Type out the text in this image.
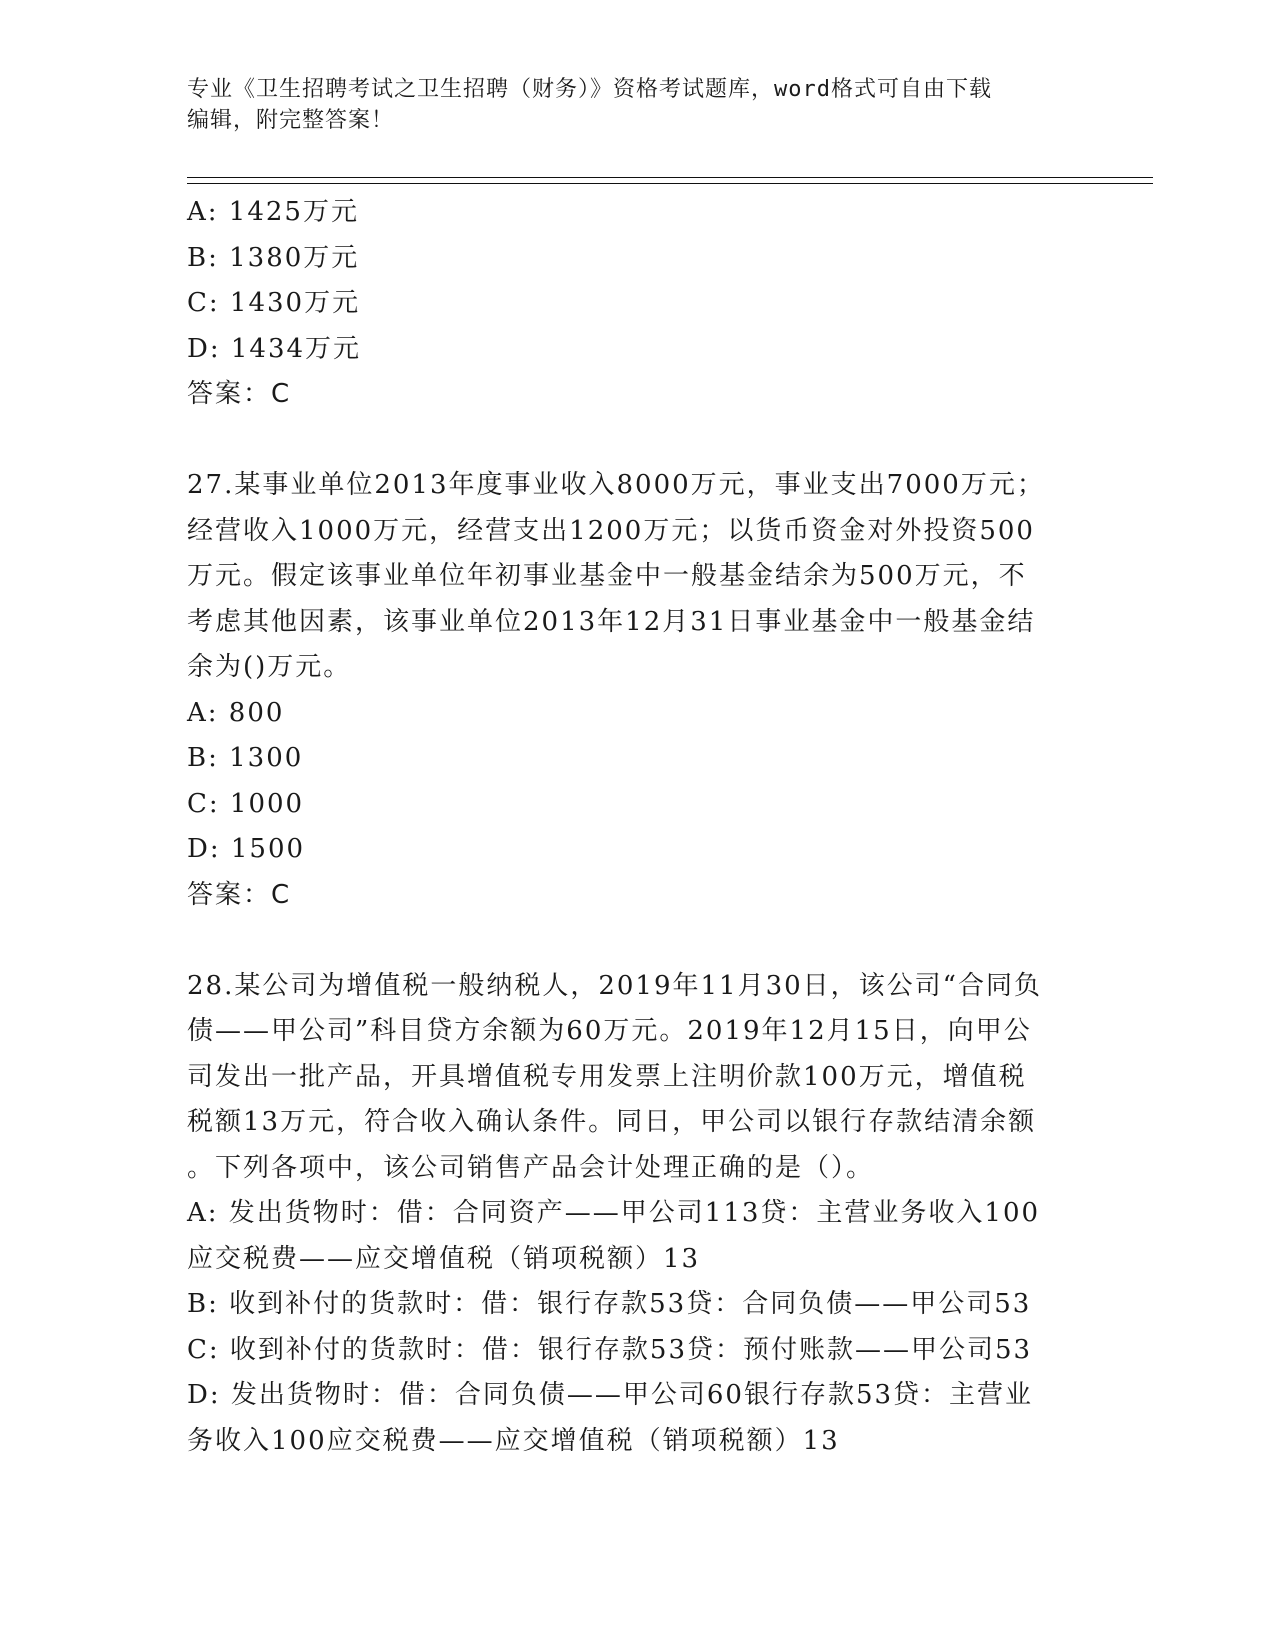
专业《卫生招聘考试之卫生招聘（财务）》资格考试题库，word格式可自由下载
编辑，附完整答案！
A: 1425万元
B: 1380万元
C: 1430万元
D: 1434万元
答案：C
27.某事业单位2013年度事业收入8000万元，事业支出7000万元；
经营收入1000万元，经营支出1200万元；以货币资金对外投资500
万元。假定该事业单位年初事业基金中一般基金结余为500万元，不
考虑其他因素，该事业单位2013年12月31日事业基金中一般基金结
余为()万元。
A: 800
B: 1300
C: 1000
D: 1500
答案：C
28.某公司为增值税一般纳税人，2019年11月30日，该公司“合同负
债——甲公司”科目贷方余额为60万元。2019年12月15日，向甲公
司发出一批产品，开具增值税专用发票上注明价款100万元，增值税
税额13万元，符合收入确认条件。同日，甲公司以银行存款结清余额
。下列各项中，该公司销售产品会计处理正确的是（）。
A: 发出货物时：借：合同资产——甲公司113贷：主营业务收入100
应交税费——应交增值税（销项税额）13
B: 收到补付的货款时：借：银行存款53贷：合同负债——甲公司53
C: 收到补付的货款时：借：银行存款53贷：预付账款——甲公司53
D: 发出货物时：借：合同负债——甲公司60银行存款53贷：主营业
务收入100应交税费——应交增值税（销项税额）13
